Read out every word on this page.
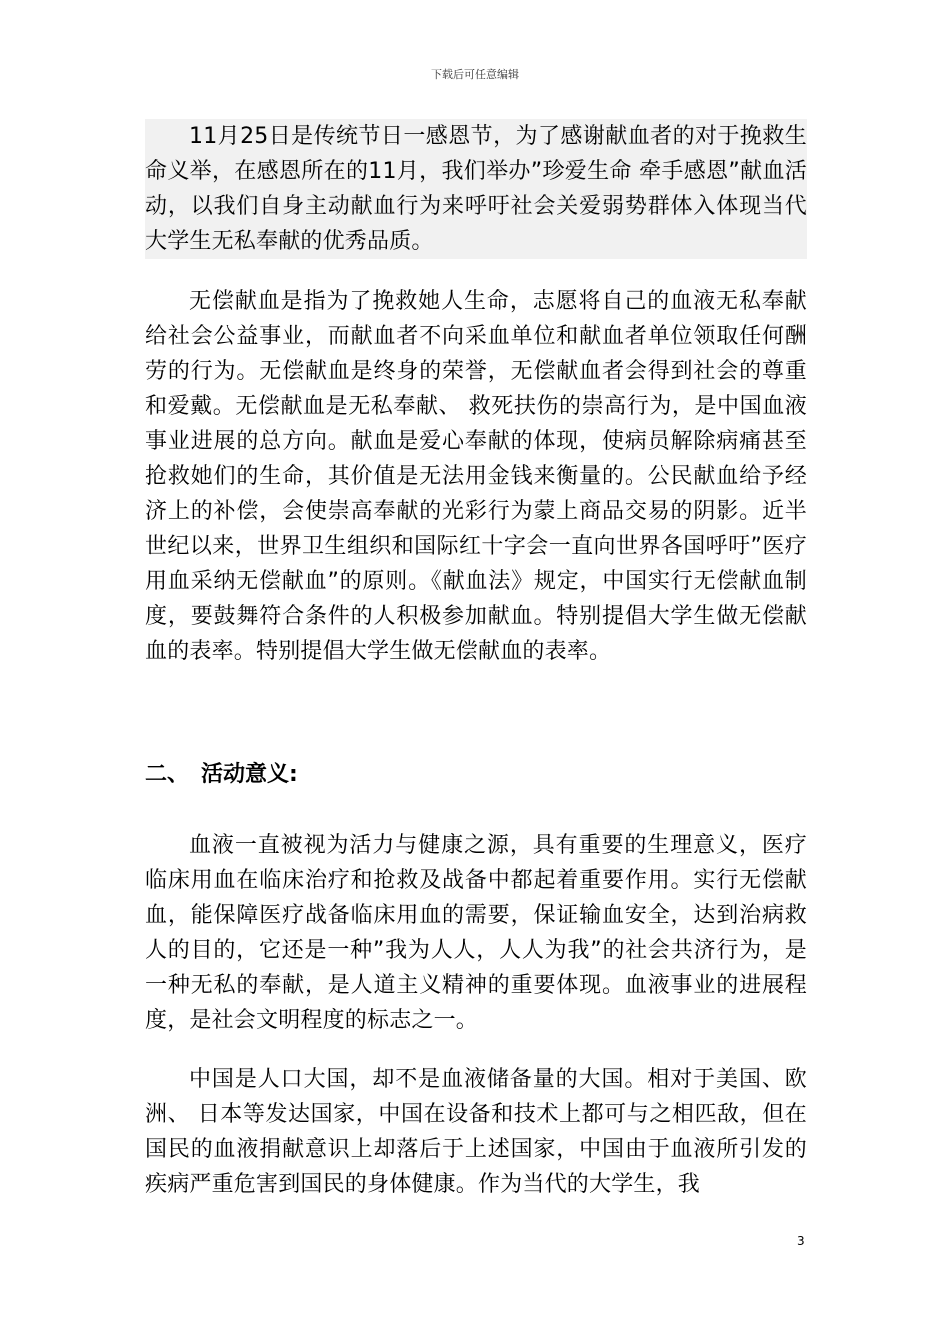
下载后可任意编辑

11月25日是传统节日一感恩节，为了感谢献血者的对于挽救生命义举，在感恩所在的11月，我们举办”珍爱生命 牵手感恩”献血活动，以我们自身主动献血行为来呼吁社会关爱弱势群体入体现当代大学生无私奉献的优秀品质。

无偿献血是指为了挽救她人生命，志愿将自己的血液无私奉献给社会公益事业，而献血者不向采血单位和献血者单位领取任何酬劳的行为。无偿献血是终身的荣誉，无偿献血者会得到社会的尊重和爱戴。无偿献血是无私奉献、 救死扶伤的崇高行为，是中国血液事业进展的总方向。献血是爱心奉献的体现，使病员解除病痛甚至抢救她们的生命，其价值是无法用金钱来衡量的。公民献血给予经济上的补偿，会使崇高奉献的光彩行为蒙上商品交易的阴影。近半世纪以来，世界卫生组织和国际红十字会一直向世界各国呼吁”医疗用血采纳无偿献血”的原则。《献血法》规定，中国实行无偿献血制度，要鼓舞符合条件的人积极参加献血。特别提倡大学生做无偿献血的表率。特别提倡大学生做无偿献血的表率。

二、 活动意义:

血液一直被视为活力与健康之源，具有重要的生理意义，医疗临床用血在临床治疗和抢救及战备中都起着重要作用。实行无偿献血，能保障医疗战备临床用血的需要，保证输血安全，达到治病救人的目的，它还是一种”我为人人，人人为我”的社会共济行为，是一种无私的奉献，是人道主义精神的重要体现。血液事业的进展程度，是社会文明程度的标志之一。

中国是人口大国，却不是血液储备量的大国。相对于美国、欧洲、 日本等发达国家，中国在设备和技术上都可与之相匹敌，但在国民的血液捐献意识上却落后于上述国家，中国由于血液所引发的疾病严重危害到国民的身体健康。作为当代的大学生，我

3
